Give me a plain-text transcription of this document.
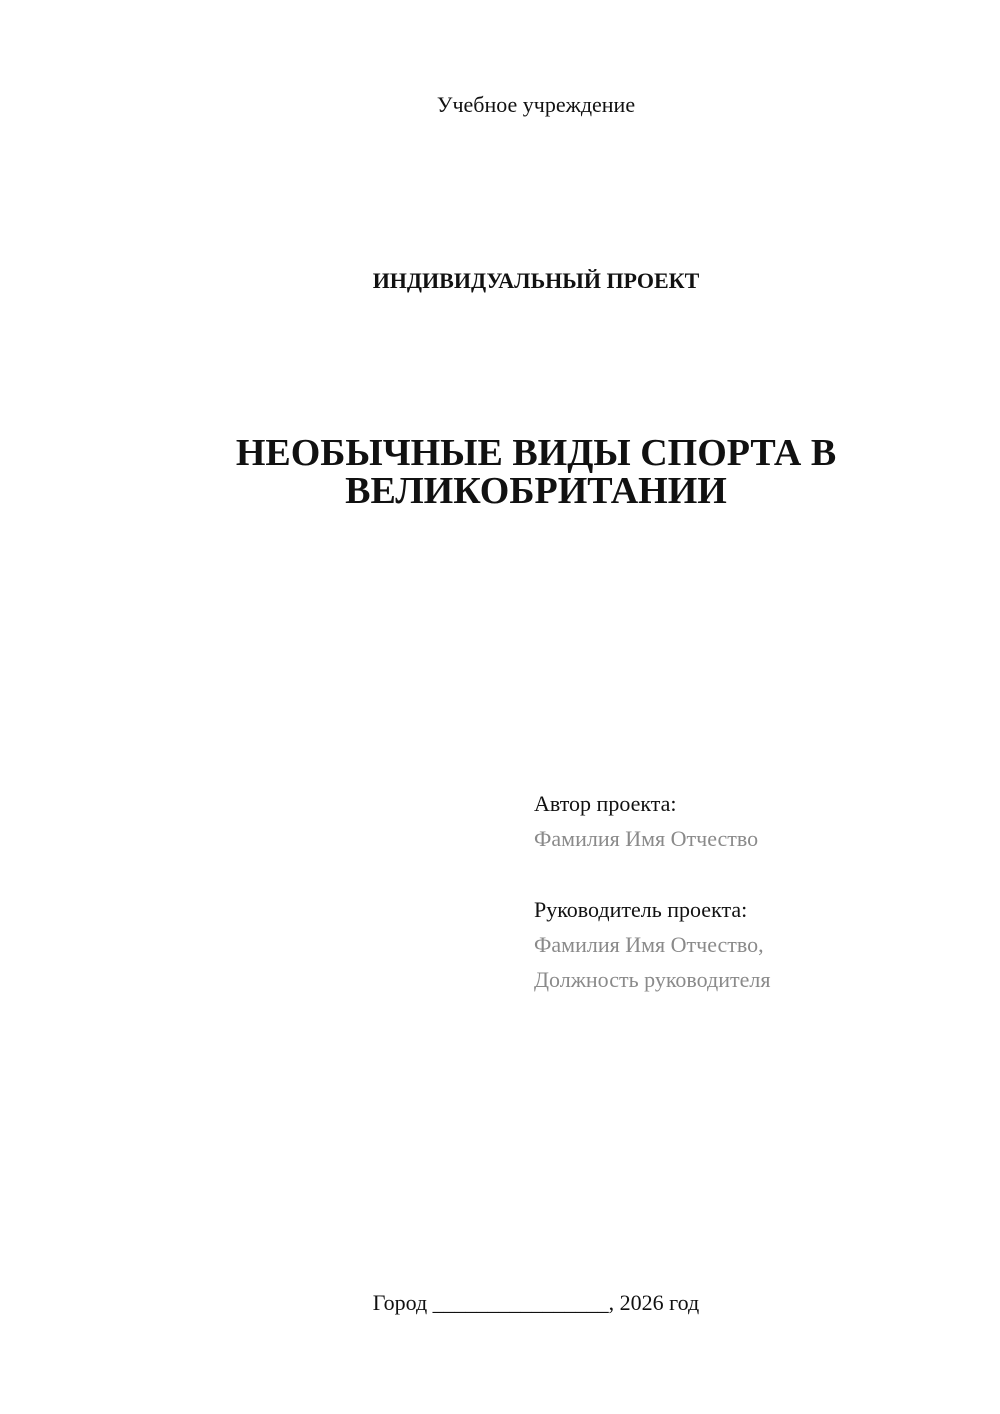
Учебное учреждение
ИНДИВИДУАЛЬНЫЙ ПРОЕКТ
НЕОБЫЧНЫЕ ВИДЫ СПОРТА В
ВЕЛИКОБРИТАНИИ
Автор проекта:
Фамилия Имя Отчество
Руководитель проекта:
Фамилия Имя Отчество,
Должность руководителя
Город ________________, 2026 год
